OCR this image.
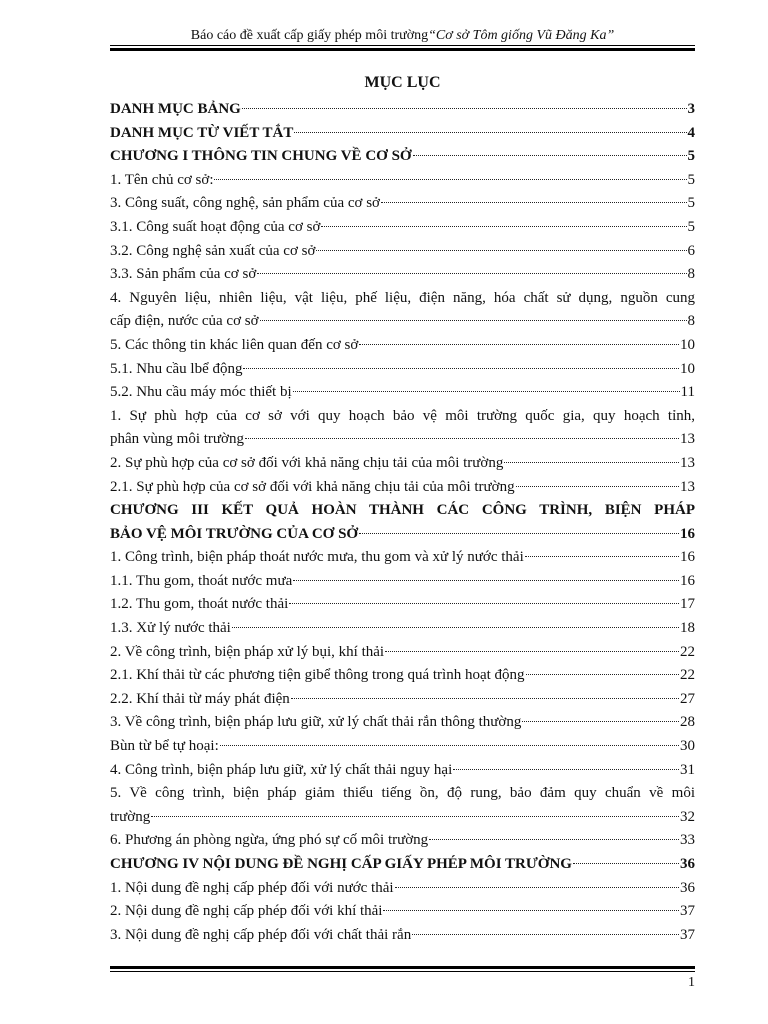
Báo cáo đề xuất cấp giấy phép môi trường“Cơ sở Tôm giống Vũ Đăng Ka”
MỤC LỤC
DANH MỤC BẢNG	3
DANH MỤC TỪ VIẾT TẮT	4
CHƯƠNG I THÔNG TIN CHUNG VỀ CƠ SỞ	5
1. Tên chủ cơ sở:	5
3. Công suất, công nghệ, sản phẩm của cơ sở	5
3.1. Công suất hoạt động của cơ sở	5
3.2. Công nghệ sản xuất của cơ sở	6
3.3. Sản phẩm của cơ sở	8
4. Nguyên liệu, nhiên liệu, vật liệu, phế liệu, điện năng, hóa chất sử dụng, nguồn cung
cấp điện, nước của cơ sở	8
5. Các thông tin khác liên quan đến cơ sở	10
5.1. Nhu cầu lbể động	10
5.2. Nhu cầu máy móc thiết bị	11
1. Sự phù hợp của cơ sở với quy hoạch bảo vệ môi trường quốc gia, quy hoạch tỉnh,
phân vùng môi trường	13
2. Sự phù hợp của cơ sở đối với khả năng chịu tải của môi trường	13
2.1. Sự phù hợp của cơ sở đối với khả năng chịu tải của môi trường	13
CHƯƠNG III KẾT QUẢ HOÀN THÀNH CÁC CÔNG TRÌNH, BIỆN PHÁP
BẢO VỆ MÔI TRƯỜNG CỦA CƠ SỞ	16
1. Công trình, biện pháp thoát nước mưa, thu gom và xử lý nước thải	16
1.1. Thu gom, thoát nước mưa	16
1.2. Thu gom, thoát nước thải	17
1.3. Xử lý nước thải	18
2. Về công trình, biện pháp xử lý bụi, khí thải	22
2.1. Khí thải từ các phương tiện gibể thông trong quá trình hoạt động	22
2.2. Khí thải từ máy phát điện	27
3. Về công trình, biện pháp lưu giữ, xử lý chất thải rắn thông thường	28
Bùn từ bể tự hoại:	30
4. Công trình, biện pháp lưu giữ, xử lý chất thải nguy hại	31
5. Về công trình, biện pháp giảm thiểu tiếng ồn, độ rung, bảo đảm quy chuẩn về môi
trường	32
6. Phương án phòng ngừa, ứng phó sự cố môi trường	33
CHƯƠNG IV NỘI DUNG ĐỀ NGHỊ CẤP GIẤY PHÉP MÔI TRƯỜNG	36
1. Nội dung đề nghị cấp phép đối với nước thải	36
2. Nội dung đề nghị cấp phép đối với khí thải	37
3. Nội dung đề nghị cấp phép đối với chất thải rắn	37
1
